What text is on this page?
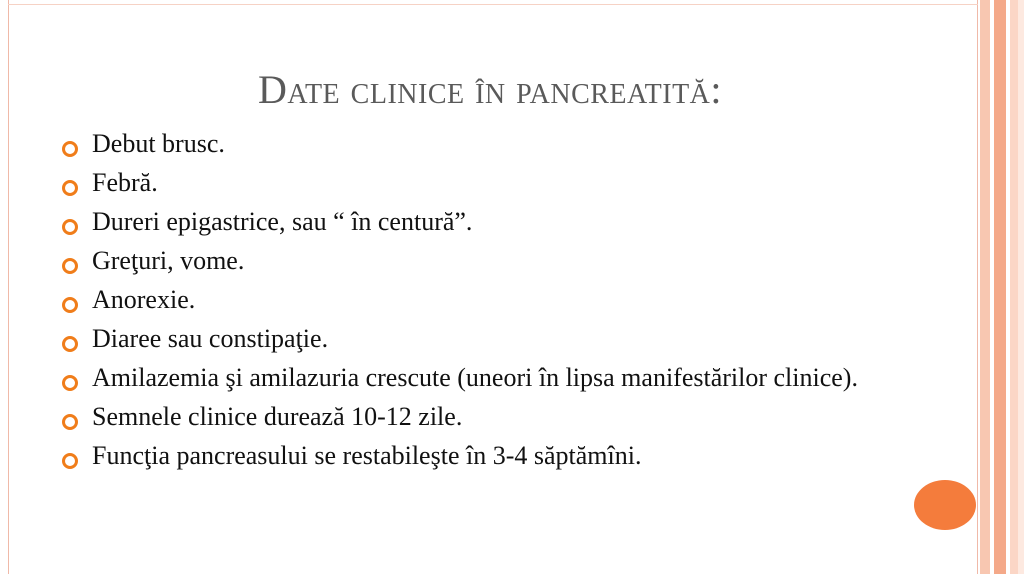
Date clinice în pancreatită:
Debut brusc.
Febră.
Dureri epigastrice, sau “ în centură”.
Greţuri, vome.
Anorexie.
Diaree sau constipaţie.
Amilazemia şi amilazuria crescute (uneori în lipsa manifestărilor clinice).
Semnele clinice durează 10-12 zile.
Funcţia pancreasului se restabileşte în 3-4 săptămîni.
